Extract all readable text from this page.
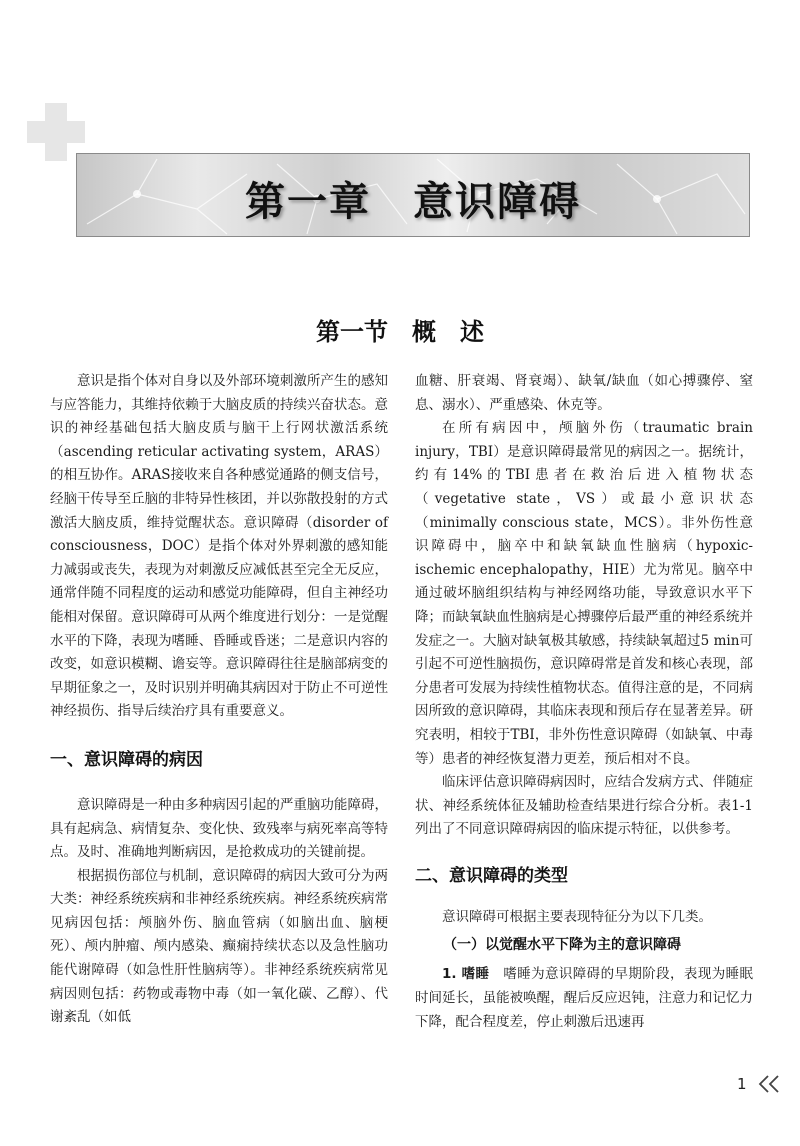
第一章　意识障碍
第一节　概　述

意识是指个体对自身以及外部环境刺激所产生的感知与应答能力，其维持依赖于大脑皮质的持续兴奋状态。意识的神经基础包括大脑皮质与脑干上行网状激活系统（ascending reticular activating system，ARAS）的相互协作。ARAS接收来自各种感觉通路的侧支信号，经脑干传导至丘脑的非特异性核团，并以弥散投射的方式激活大脑皮质，维持觉醒状态。意识障碍（disorder of consciousness，DOC）是指个体对外界刺激的感知能力减弱或丧失，表现为对刺激反应减低甚至完全无反应，通常伴随不同程度的运动和感觉功能障碍，但自主神经功能相对保留。意识障碍可从两个维度进行划分：一是觉醒水平的下降，表现为嗜睡、昏睡或昏迷；二是意识内容的改变，如意识模糊、谵妄等。意识障碍往往是脑部病变的早期征象之一，及时识别并明确其病因对于防止不可逆性神经损伤、指导后续治疗具有重要意义。

一、意识障碍的病因

意识障碍是一种由多种病因引起的严重脑功能障碍，具有起病急、病情复杂、变化快、致残率与病死率高等特点。及时、准确地判断病因，是抢救成功的关键前提。

根据损伤部位与机制，意识障碍的病因大致可分为两大类：神经系统疾病和非神经系统疾病。神经系统疾病常见病因包括：颅脑外伤、脑血管病（如脑出血、脑梗死）、颅内肿瘤、颅内感染、癫痫持续状态以及急性脑功能代谢障碍（如急性肝性脑病等）。非神经系统疾病常见病因则包括：药物或毒物中毒（如一氧化碳、乙醇）、代谢紊乱（如低

血糖、肝衰竭、肾衰竭）、缺氧/缺血（如心搏骤停、窒息、溺水）、严重感染、休克等。

在所有病因中，颅脑外伤（traumatic brain injury，TBI）是意识障碍最常见的病因之一。据统计，约有14%的TBI患者在救治后进入植物状态（vegetative state，VS）或最小意识状态（minimally conscious state，MCS）。非外伤性意识障碍中，脑卒中和缺氧缺血性脑病（hypoxic-ischemic encephalopathy，HIE）尤为常见。脑卒中通过破坏脑组织结构与神经网络功能，导致意识水平下降；而缺氧缺血性脑病是心搏骤停后最严重的神经系统并发症之一。大脑对缺氧极其敏感，持续缺氧超过5 min可引起不可逆性脑损伤，意识障碍常是首发和核心表现，部分患者可发展为持续性植物状态。值得注意的是，不同病因所致的意识障碍，其临床表现和预后存在显著差异。研究表明，相较于TBI，非外伤性意识障碍（如缺氧、中毒等）患者的神经恢复潜力更差，预后相对不良。

临床评估意识障碍病因时，应结合发病方式、伴随症状、神经系统体征及辅助检查结果进行综合分析。表1-1列出了不同意识障碍病因的临床提示特征，以供参考。

二、意识障碍的类型

意识障碍可根据主要表现特征分为以下几类。

（一）以觉醒水平下降为主的意识障碍

1. 嗜睡　 嗜睡为意识障碍的早期阶段，表现为睡眠时间延长，虽能被唤醒，醒后反应迟钝，注意力和记忆力下降，配合程度差，停止刺激后迅速再

1
